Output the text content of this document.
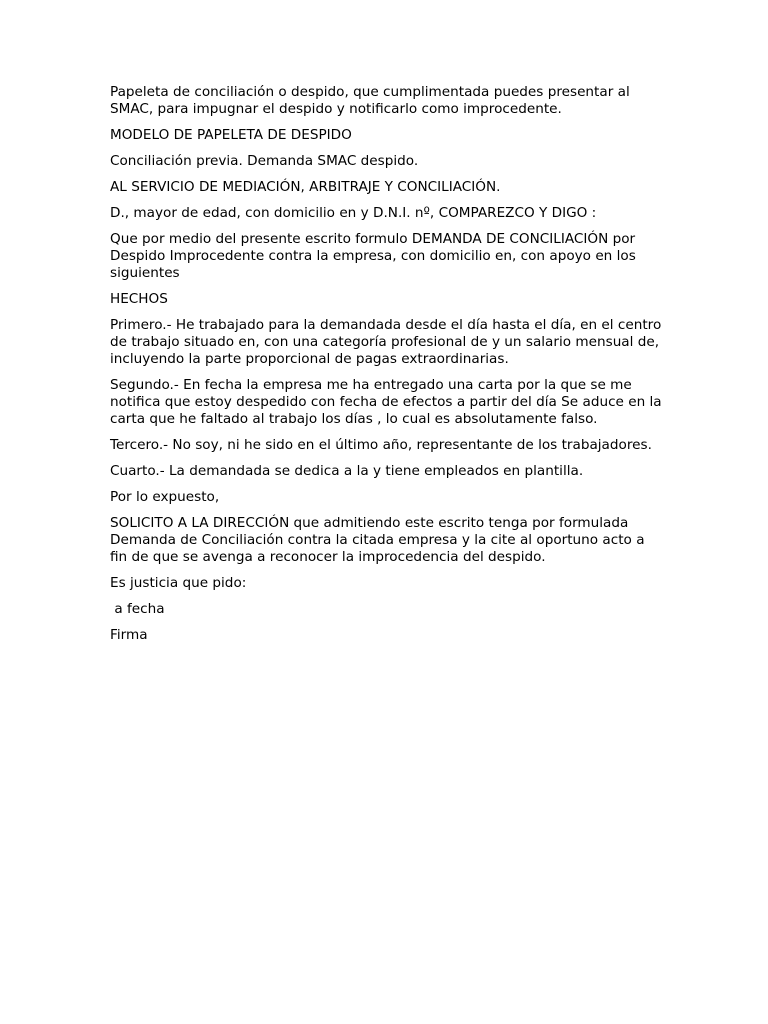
Papeleta de conciliación o despido, que cumplimentada puedes presentar al SMAC, para impugnar el despido y notificarlo como improcedente.

MODELO DE PAPELETA DE DESPIDO

Conciliación previa. Demanda SMAC despido.

AL SERVICIO DE MEDIACIÓN, ARBITRAJE Y CONCILIACIÓN.

D., mayor de edad, con domicilio en y D.N.I. nº, COMPAREZCO Y DIGO :

Que por medio del presente escrito formulo DEMANDA DE CONCILIACIÓN por Despido Improcedente contra la empresa, con domicilio en, con apoyo en los siguientes

HECHOS

Primero.- He trabajado para la demandada desde el día hasta el día, en el centro de trabajo situado en, con una categoría profesional de y un salario mensual de, incluyendo la parte proporcional de pagas extraordinarias.

Segundo.- En fecha la empresa me ha entregado una carta por la que se me notifica que estoy despedido con fecha de efectos a partir del día Se aduce en la carta que he faltado al trabajo los días , lo cual es absolutamente falso.

Tercero.- No soy, ni he sido en el último año, representante de los trabajadores.

Cuarto.- La demandada se dedica a la y tiene empleados en plantilla.

Por lo expuesto,

SOLICITO A LA DIRECCIÓN que admitiendo este escrito tenga por formulada Demanda de Conciliación contra la citada empresa y la cite al oportuno acto a fin de que se avenga a reconocer la improcedencia del despido.

Es justicia que pido:

a fecha

Firma
